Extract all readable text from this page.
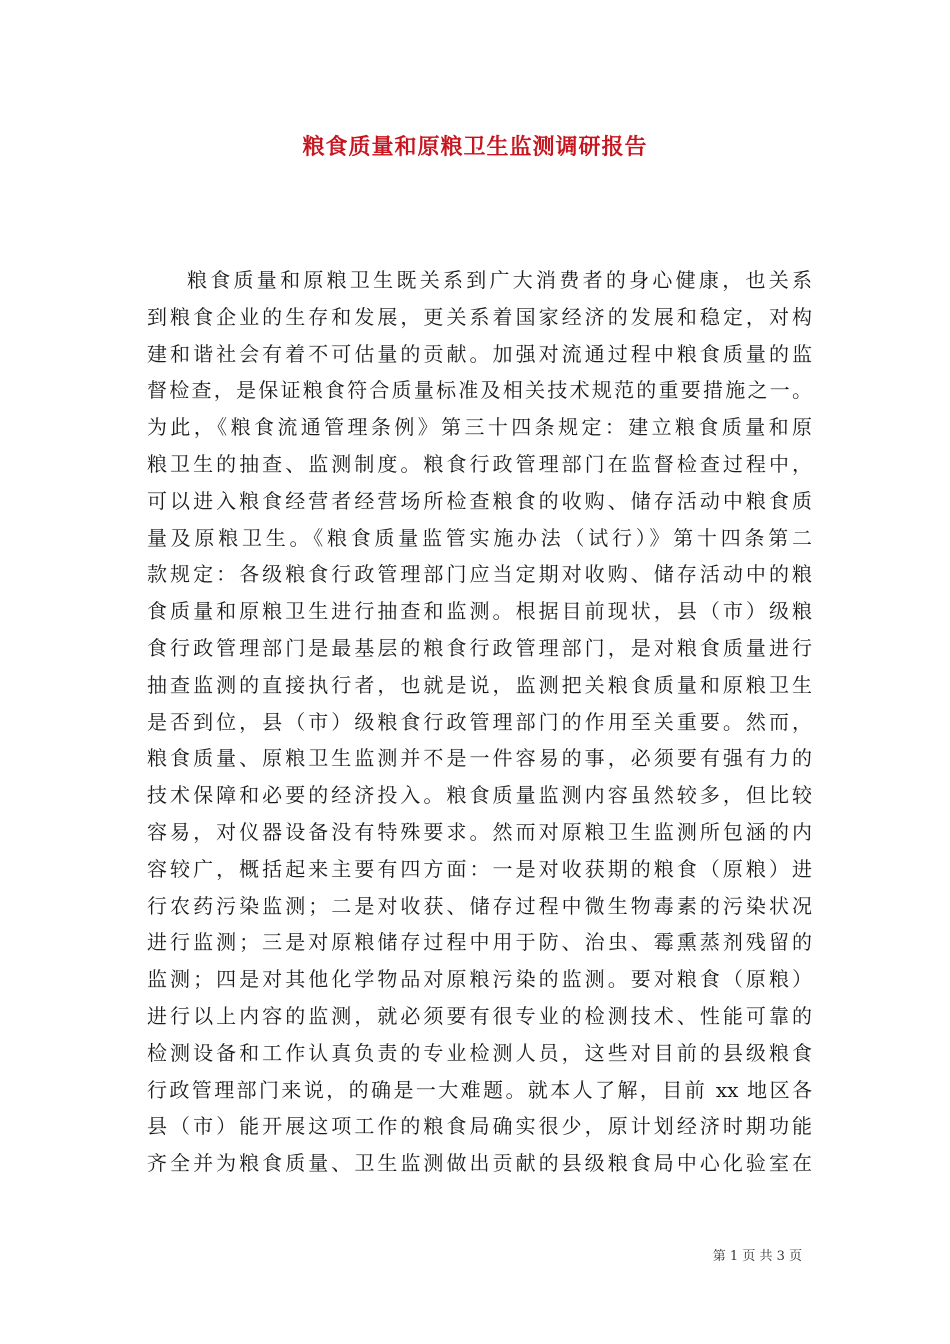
粮食质量和原粮卫生监测调研报告
粮食质量和原粮卫生既关系到广大消费者的身心健康，也关系
到粮食企业的生存和发展，更关系着国家经济的发展和稳定，对构
建和谐社会有着不可估量的贡献。加强对流通过程中粮食质量的监
督检查，是保证粮食符合质量标准及相关技术规范的重要措施之一。
为此，《粮食流通管理条例》第三十四条规定：建立粮食质量和原
粮卫生的抽查、监测制度。粮食行政管理部门在监督检查过程中，
可以进入粮食经营者经营场所检查粮食的收购、储存活动中粮食质
量及原粮卫生。《粮食质量监管实施办法（试行）》第十四条第二
款规定：各级粮食行政管理部门应当定期对收购、储存活动中的粮
食质量和原粮卫生进行抽查和监测。根据目前现状，县（市）级粮
食行政管理部门是最基层的粮食行政管理部门，是对粮食质量进行
抽查监测的直接执行者，也就是说，监测把关粮食质量和原粮卫生
是否到位，县（市）级粮食行政管理部门的作用至关重要。然而，
粮食质量、原粮卫生监测并不是一件容易的事，必须要有强有力的
技术保障和必要的经济投入。粮食质量监测内容虽然较多，但比较
容易，对仪器设备没有特殊要求。然而对原粮卫生监测所包涵的内
容较广，概括起来主要有四方面：一是对收获期的粮食（原粮）进
行农药污染监测；二是对收获、储存过程中微生物毒素的污染状况
进行监测；三是对原粮储存过程中用于防、治虫、霉熏蒸剂残留的
监测；四是对其他化学物品对原粮污染的监测。要对粮食（原粮）
进行以上内容的监测，就必须要有很专业的检测技术、性能可靠的
检测设备和工作认真负责的专业检测人员，这些对目前的县级粮食
行政管理部门来说，的确是一大难题。就本人了解，目前 xx 地区各
县（市）能开展这项工作的粮食局确实很少，原计划经济时期功能
齐全并为粮食质量、卫生监测做出贡献的县级粮食局中心化验室在
第 1 页 共 3 页
